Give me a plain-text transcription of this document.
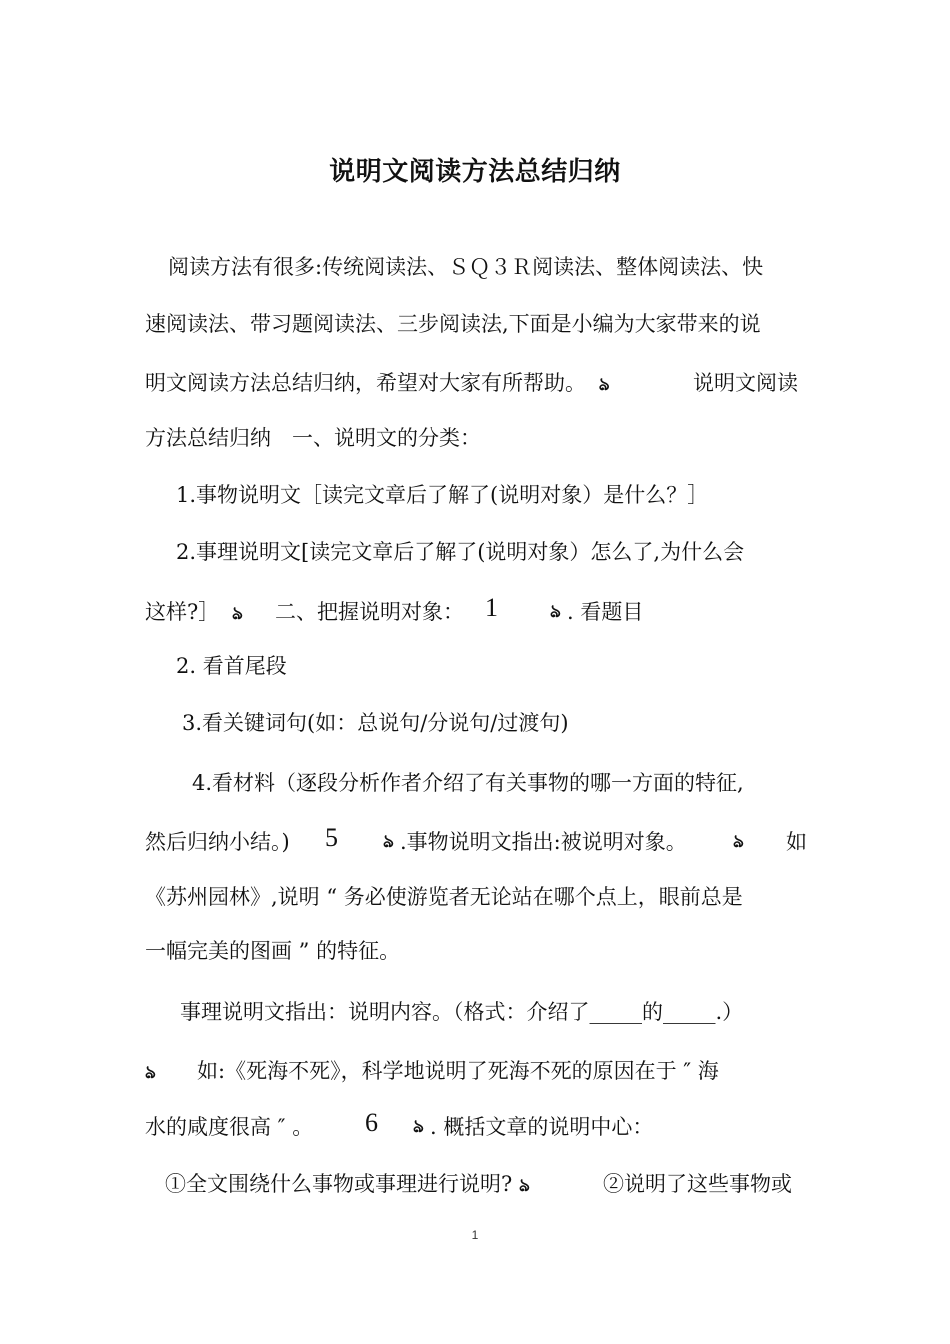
说明文阅读方法总结归纳
阅读方法有很多:传统阅读法、ＳＱ３Ｒ阅读法、整体阅读法、快
速阅读法、带习题阅读法、三步阅读法,下面是小编为大家带来的说
明文阅读方法总结归纳，希望对大家有所帮助。 ঌ	说明文阅读
方法总结归纳　一、说明文的分类：
1.事物说明文［读完文章后了解了(说明对象）是什么？］
2.事理说明文[读完文章后了解了(说明对象）怎么了,为什么会
这样?］ ঌ 二、把握说明对象： 1	ঌ . 看题目
2. 看首尾段
3.看关键词句(如：总说句/分说句/过渡句)
4.看材料（逐段分析作者介绍了有关事物的哪一方面的特征,
然后归纳小结。) 5	ঌ .事物说明文指出:被说明对象。	ঌ 如
《苏州园林》,说明 “ 务必使游览者无论站在哪个点上，眼前总是
一幅完美的图画 ” 的特征。
事理说明文指出：说明内容。（格式：介绍了_____的_____.）
ঌ 如:《死海不死》，科学地说明了死海不死的原因在于 ″ 海
水的咸度很高 ″ 。 6 ঌ . 概括文章的说明中心：
①全文围绕什么事物或事理进行说明? ঌ	②说明了这些事物或
1
